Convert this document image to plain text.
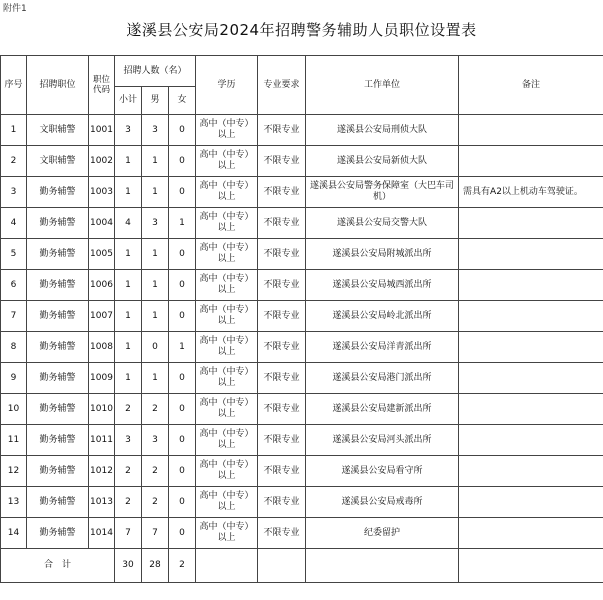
附件1
遂溪县公安局2024年招聘警务辅助人员职位设置表
序号	招聘职位	职位代码	招聘人数（名）			学历	专业要求	工作单位	备注
			小计	男	女				
1	文职辅警	1001	3	3	0	高中（中专）以上	不限专业	遂溪县公安局刑侦大队	
2	文职辅警	1002	1	1	0	高中（中专）以上	不限专业	遂溪县公安局新侦大队	
3	勤务辅警	1003	1	1	0	高中（中专）以上	不限专业	遂溪县公安局警务保障室（大巴车司机）	需具有A2以上机动车驾驶证。
4	勤务辅警	1004	4	3	1	高中（中专）以上	不限专业	遂溪县公安局交警大队	
5	勤务辅警	1005	1	1	0	高中（中专）以上	不限专业	遂溪县公安局附城派出所	
6	勤务辅警	1006	1	1	0	高中（中专）以上	不限专业	遂溪县公安局城西派出所	
7	勤务辅警	1007	1	1	0	高中（中专）以上	不限专业	遂溪县公安局岭北派出所	
8	勤务辅警	1008	1	0	1	高中（中专）以上	不限专业	遂溪县公安局洋青派出所	
9	勤务辅警	1009	1	1	0	高中（中专）以上	不限专业	遂溪县公安局港门派出所	
10	勤务辅警	1010	2	2	0	高中（中专）以上	不限专业	遂溪县公安局建新派出所	
11	勤务辅警	1011	3	3	0	高中（中专）以上	不限专业	遂溪县公安局河头派出所	
12	勤务辅警	1012	2	2	0	高中（中专）以上	不限专业	遂溪县公安局看守所	
13	勤务辅警	1013	2	2	0	高中（中专）以上	不限专业	遂溪县公安局戒毒所	
14	勤务辅警	1014	7	7	0	高中（中专）以上	不限专业	纪委留护	
合　计			30	28	2				
